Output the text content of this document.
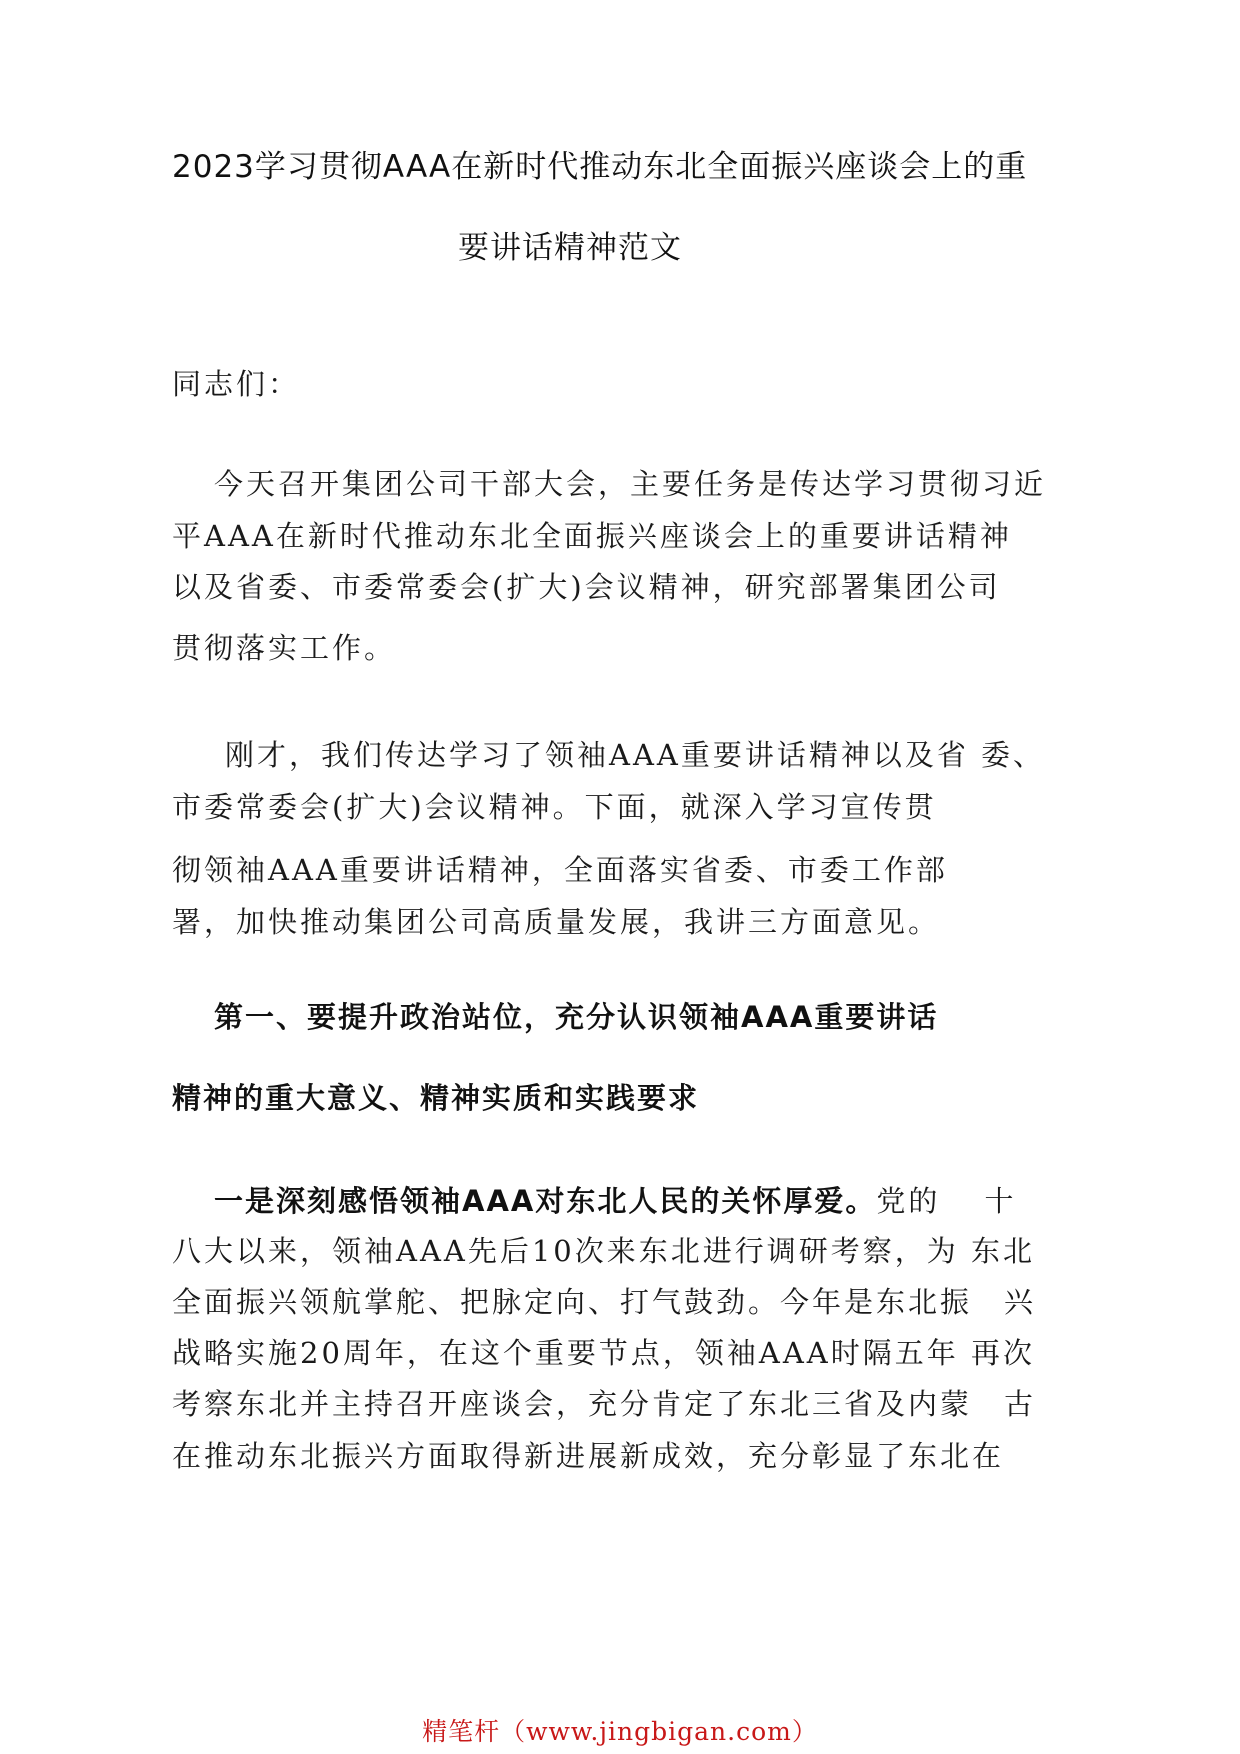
2023学习贯彻AAA在新时代推动东北全面振兴座谈会上的重
要讲话精神范文
同志们：
今天召开集团公司干部大会，主要任务是传达学习贯彻习近
平AAA在新时代推动东北全面振兴座谈会上的重要讲话精神
以及省委、市委常委会(扩大)会议精神，研究部署集团公司
贯彻落实工作。
刚才，我们传达学习了领袖AAA重要讲话精神以及省 委、
市委常委会(扩大)会议精神。下面，就深入学习宣传贯
彻领袖AAA重要讲话精神，全面落实省委、市委工作部
署，加快推动集团公司高质量发展，我讲三方面意见。
第一、要提升政治站位，充分认识领袖AAA重要讲话
精神的重大意义、精神实质和实践要求
一是深刻感悟领袖AAA对东北人民的关怀厚爱。党的　 十
八大以来，领袖AAA先后10次来东北进行调研考察，为 东北
全面振兴领航掌舵、把脉定向、打气鼓劲。今年是东北振　兴
战略实施20周年，在这个重要节点，领袖AAA时隔五年 再次
考察东北并主持召开座谈会，充分肯定了东北三省及内蒙　古
在推动东北振兴方面取得新进展新成效，充分彰显了东北在
精笔杆（www.jingbigan.com）
